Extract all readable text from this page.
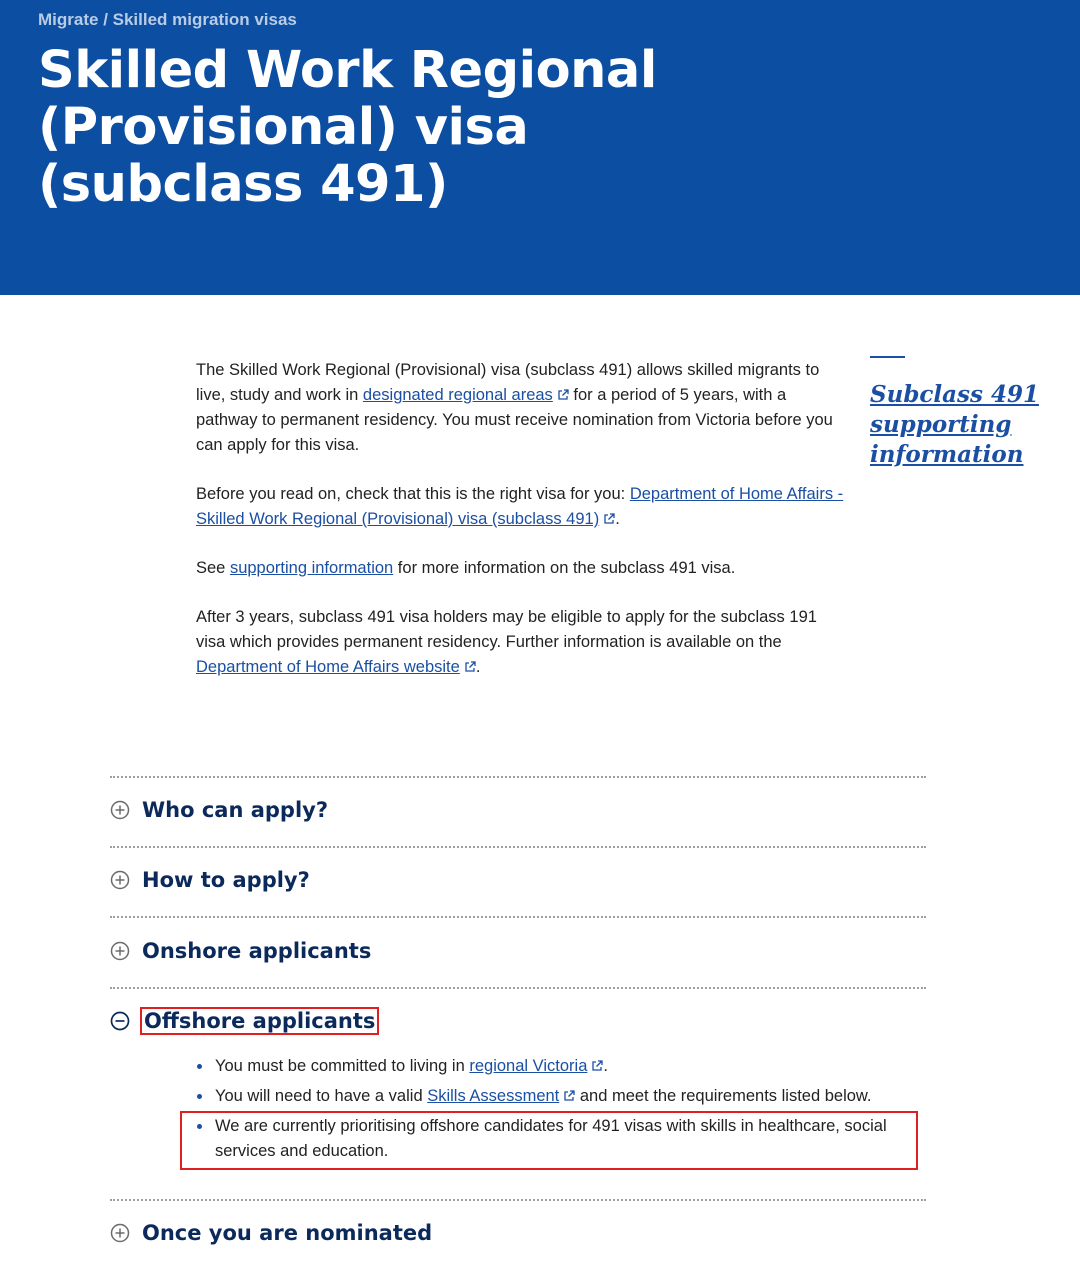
Migrate / Skilled migration visas
Skilled Work Regional (Provisional) visa (subclass 491)

The Skilled Work Regional (Provisional) visa (subclass 491) allows skilled migrants to live, study and work in designated regional areas for a period of 5 years, with a pathway to permanent residency. You must receive nomination from Victoria before you can apply for this visa.

Before you read on, check that this is the right visa for you: Department of Home Affairs - Skilled Work Regional (Provisional) visa (subclass 491) .

See supporting information for more information on the subclass 491 visa.

After 3 years, subclass 491 visa holders may be eligible to apply for the subclass 191 visa which provides permanent residency. Further information is available on the Department of Home Affairs website .

Subclass 491 supporting information
Who can apply?
How to apply?
Onshore applicants
Offshore applicants
You must be committed to living in regional Victoria .
You will need to have a valid Skills Assessment and meet the requirements listed below.
We are currently prioritising offshore candidates for 491 visas with skills in healthcare, social services and education.
Once you are nominated
